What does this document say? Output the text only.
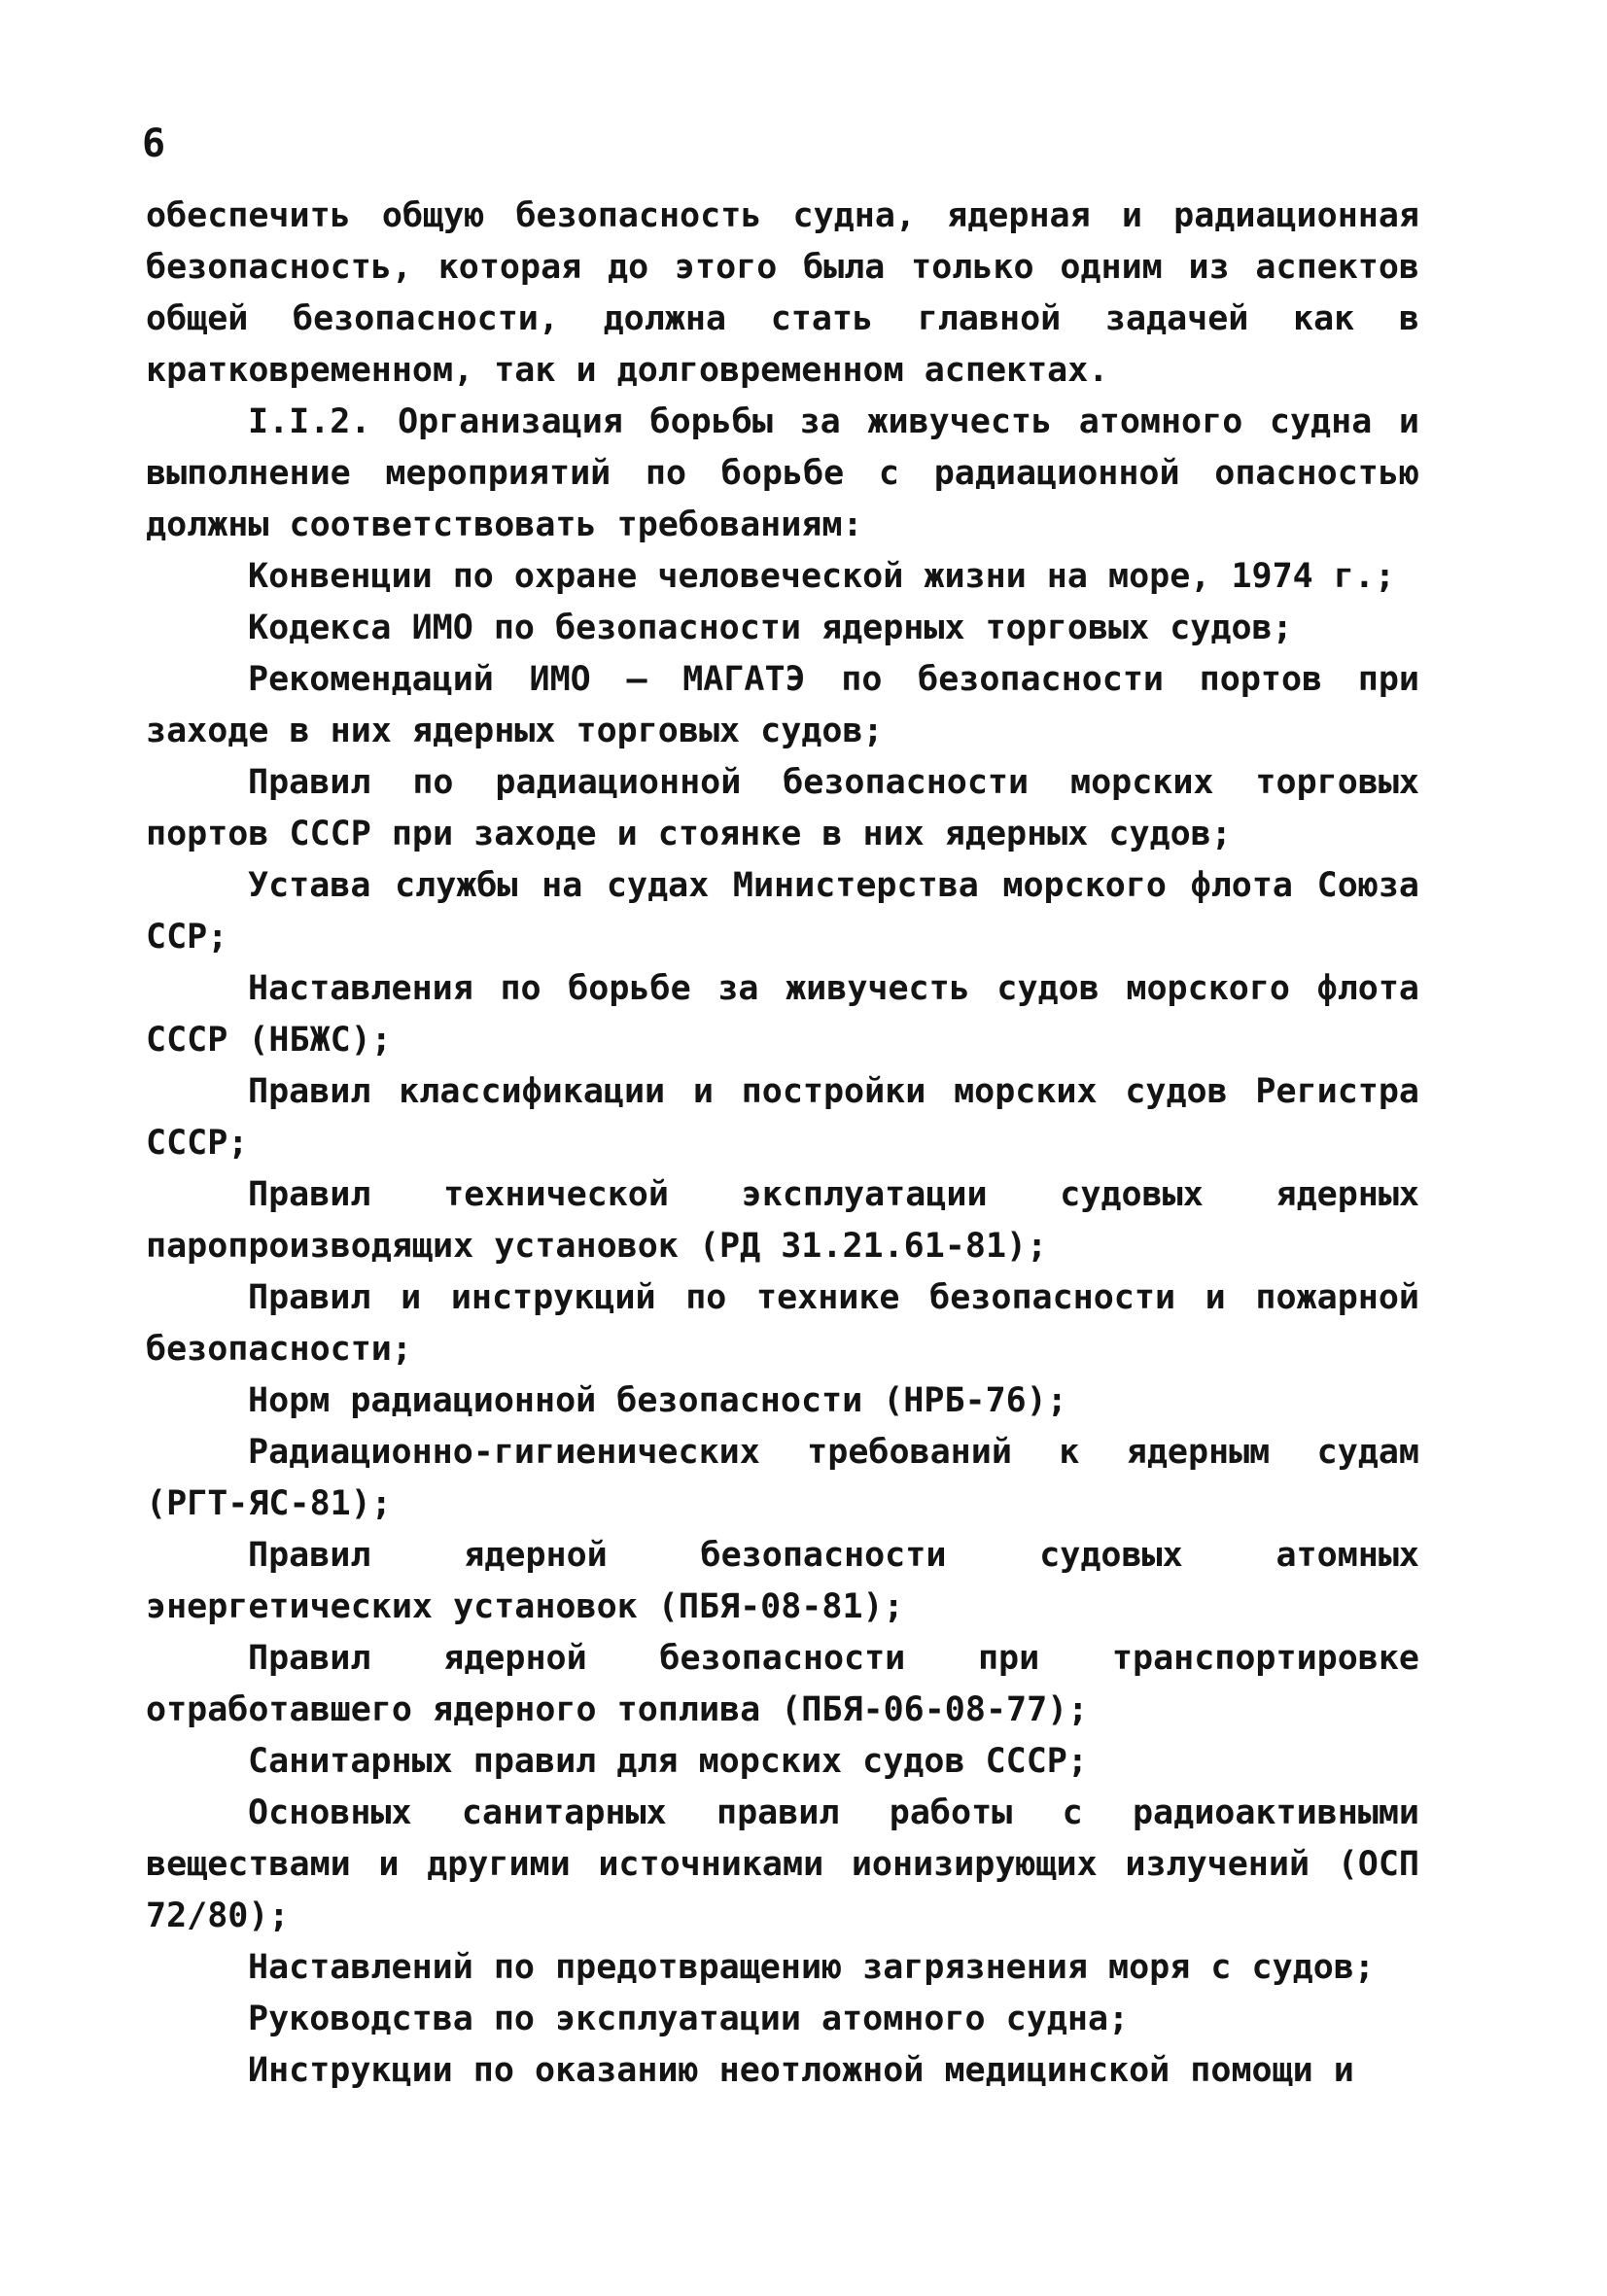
6

обеспечить общую безопасность судна, ядерная и радиационная безопасность, которая до этого была только одним из аспектов общей безопасности, должна стать главной задачей как в кратковременном, так и долговременном аспектах.

I.I.2. Организация борьбы за живучесть атомного судна и выполнение мероприятий по борьбе с радиационной опасностью должны соответствовать требованиям:

Конвенции по охране человеческой жизни на море, 1974 г.;

Кодекса ИМО по безопасности ядерных торговых судов;

Рекомендаций ИМО – МАГАТЭ по безопасности портов при заходе в них ядерных торговых судов;

Правил по радиационной безопасности морских торговых портов СССР при заходе и стоянке в них ядерных судов;

Устава службы на судах Министерства морского флота Союза ССР;

Наставления по борьбе за живучесть судов морского флота СССР (НБЖС);

Правил классификации и постройки морских судов Регистра СССР;

Правил технической эксплуатации судовых ядерных паропроизводящих установок (РД 31.21.61-81);

Правил и инструкций по технике безопасности и пожарной безопасности;

Норм радиационной безопасности (НРБ-76);

Радиационно-гигиенических требований к ядерным судам (РГТ-ЯС-81);

Правил ядерной безопасности судовых атомных энергетических установок (ПБЯ-08-81);

Правил ядерной безопасности при транспортировке отработавшего ядерного топлива (ПБЯ-06-08-77);

Санитарных правил для морских судов СССР;

Основных санитарных правил работы с радиоактивными веществами и другими источниками ионизирующих излучений (ОСП 72/80);

Наставлений по предотвращению загрязнения моря с судов;

Руководства по эксплуатации атомного судна;

Инструкции по оказанию неотложной медицинской помощи и
